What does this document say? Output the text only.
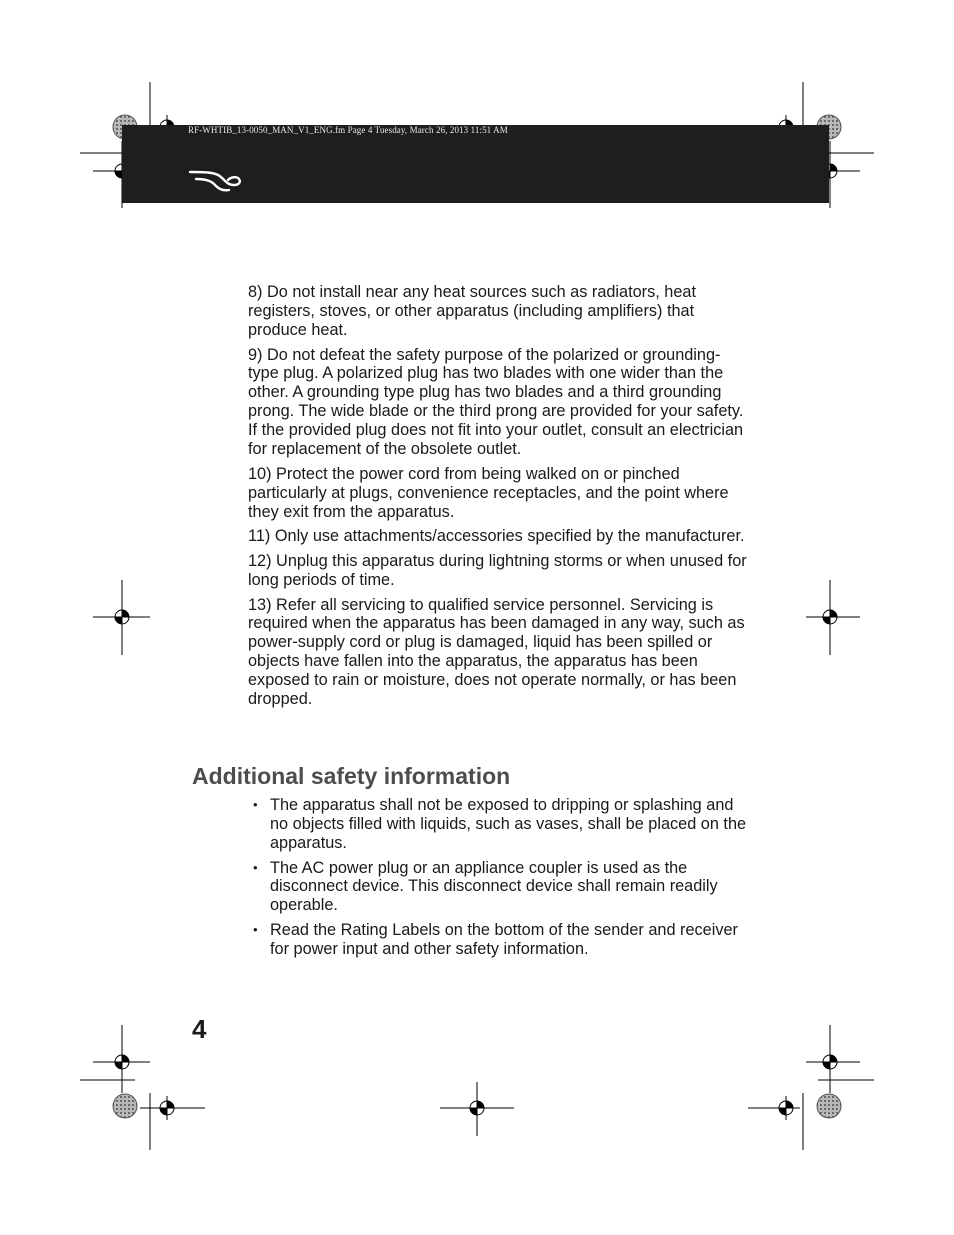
RF-WHTIB_13-0050_MAN_V1_ENG.fm Page 4 Tuesday, March 26, 2013 11:51 AM

8) Do not install near any heat sources such as radiators, heat registers, stoves, or other apparatus (including amplifiers) that produce heat.

9) Do not defeat the safety purpose of the polarized or grounding-type plug. A polarized plug has two blades with one wider than the other. A grounding type plug has two blades and a third grounding prong. The wide blade or the third prong are provided for your safety. If the provided plug does not fit into your outlet, consult an electrician for replacement of the obsolete outlet.

10) Protect the power cord from being walked on or pinched particularly at plugs, convenience receptacles, and the point where they exit from the apparatus.

11) Only use attachments/accessories specified by the manufacturer.

12) Unplug this apparatus during lightning storms or when unused for long periods of time.

13) Refer all servicing to qualified service personnel. Servicing is required when the apparatus has been damaged in any way, such as power-supply cord or plug is damaged, liquid has been spilled or objects have fallen into the apparatus, the apparatus has been exposed to rain or moisture, does not operate normally, or has been dropped.

Additional safety information
• The apparatus shall not be exposed to dripping or splashing and no objects filled with liquids, such as vases, shall be placed on the apparatus.
• The AC power plug or an appliance coupler is used as the disconnect device. This disconnect device shall remain readily operable.
• Read the Rating Labels on the bottom of the sender and receiver for power input and other safety information.
4
